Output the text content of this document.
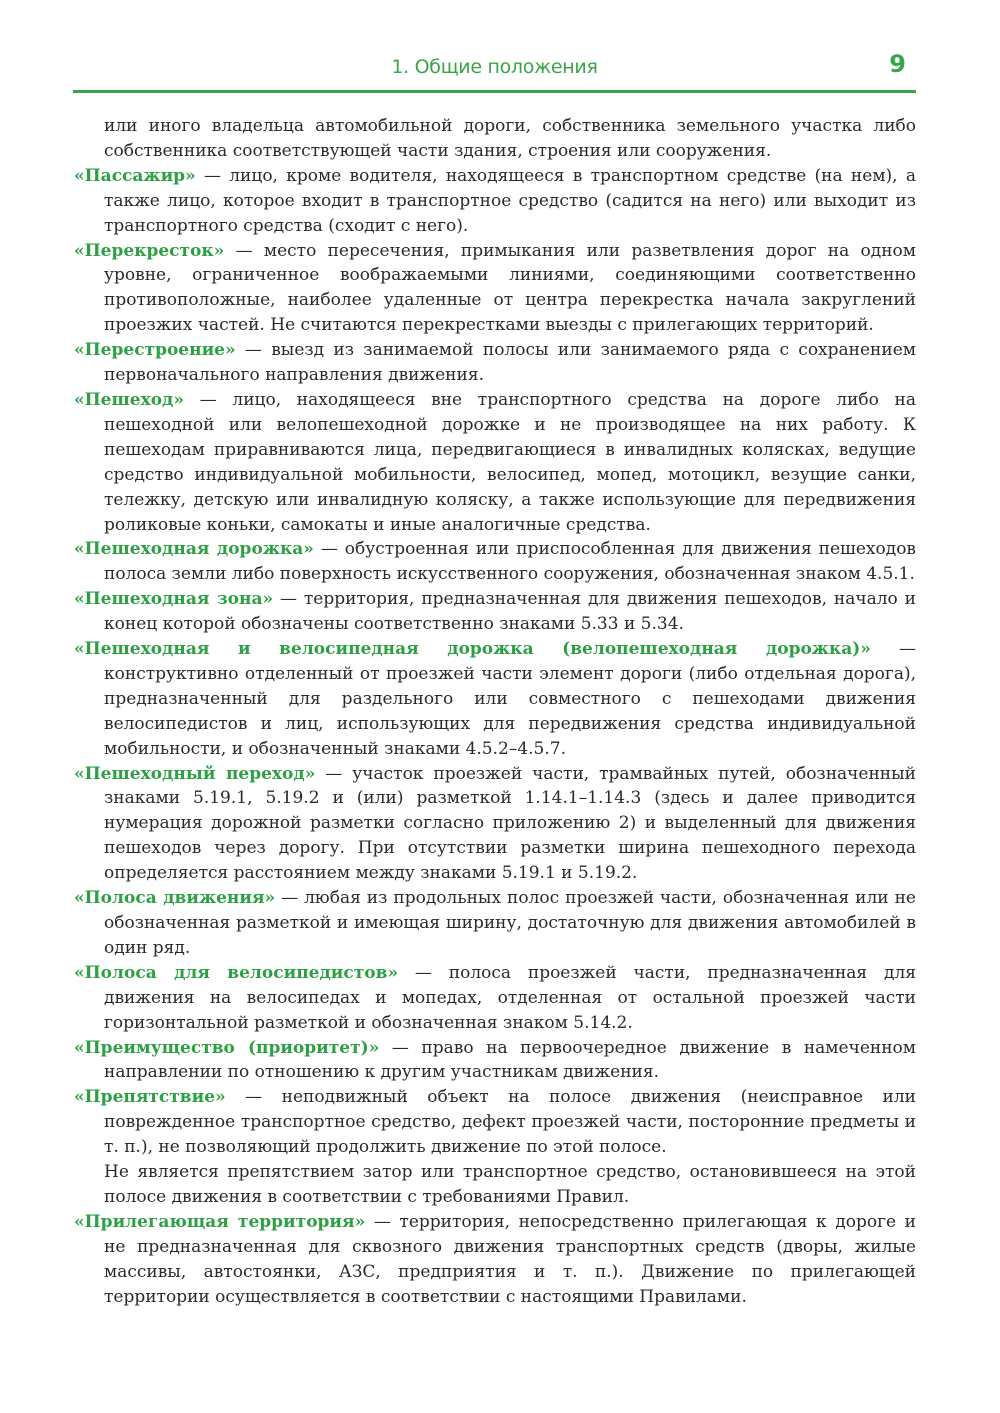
1. Общие положения	9

или иного владельца автомобильной дороги, собственника земельного участка либо собственника соответствующей части здания, строения или сооружения.

«Пассажир» — лицо, кроме водителя, находящееся в транспортном средстве (на нем), а также лицо, которое входит в транспортное средство (садится на него) или выходит из транспортного средства (сходит с него).

«Перекресток» — место пересечения, примыкания или разветвления дорог на одном уровне, ограниченное воображаемыми линиями, соединяющими соответственно противоположные, наиболее удаленные от центра перекрестка начала закруглений проезжих частей. Не считаются перекрестками выезды с прилегающих территорий.

«Перестроение» — выезд из занимаемой полосы или занимаемого ряда с сохранением первоначального направления движения.

«Пешеход» — лицо, находящееся вне транспортного средства на дороге либо на пешеходной или велопешеходной дорожке и не производящее на них работу. К пешеходам приравниваются лица, передвигающиеся в инвалидных колясках, ведущие средство индивидуальной мобильности, велосипед, мопед, мотоцикл, везущие санки, тележку, детскую или инвалидную коляску, а также использующие для передвижения роликовые коньки, самокаты и иные аналогичные средства.

«Пешеходная дорожка» — обустроенная или приспособленная для движения пешеходов полоса земли либо поверхность искусственного сооружения, обозначенная знаком 4.5.1.

«Пешеходная зона» — территория, предназначенная для движения пешеходов, начало и конец которой обозначены соответственно знаками 5.33 и 5.34.

«Пешеходная и велосипедная дорожка (велопешеходная дорожка)» — конструктивно отделенный от проезжей части элемент дороги (либо отдельная дорога), предназначенный для раздельного или совместного с пешеходами движения велосипедистов и лиц, использующих для передвижения средства индивидуальной мобильности, и обозначенный знаками 4.5.2–4.5.7.

«Пешеходный переход» — участок проезжей части, трамвайных путей, обозначенный знаками 5.19.1, 5.19.2 и (или) разметкой 1.14.1–1.14.3 (здесь и далее приводится нумерация дорожной разметки согласно приложению 2) и выделенный для движения пешеходов через дорогу. При отсутствии разметки ширина пешеходного перехода определяется расстоянием между знаками 5.19.1 и 5.19.2.

«Полоса движения» — любая из продольных полос проезжей части, обозначенная или не обозначенная разметкой и имеющая ширину, достаточную для движения автомобилей в один ряд.

«Полоса для велосипедистов» — полоса проезжей части, предназначенная для движения на велосипедах и мопедах, отделенная от остальной проезжей части горизонтальной разметкой и обозначенная знаком 5.14.2.

«Преимущество (приоритет)» — право на первоочередное движение в намеченном направлении по отношению к другим участникам движения.

«Препятствие» — неподвижный объект на полосе движения (неисправное или поврежденное транспортное средство, дефект проезжей части, посторонние предметы и т. п.), не позволяющий продолжить движение по этой полосе.

Не является препятствием затор или транспортное средство, остановившееся на этой полосе движения в соответствии с требованиями Правил.

«Прилегающая территория» — территория, непосредственно прилегающая к дороге и не предназначенная для сквозного движения транспортных средств (дворы, жилые массивы, автостоянки, АЗС, предприятия и т. п.). Движение по прилегающей территории осуществляется в соответствии с настоящими Правилами.
